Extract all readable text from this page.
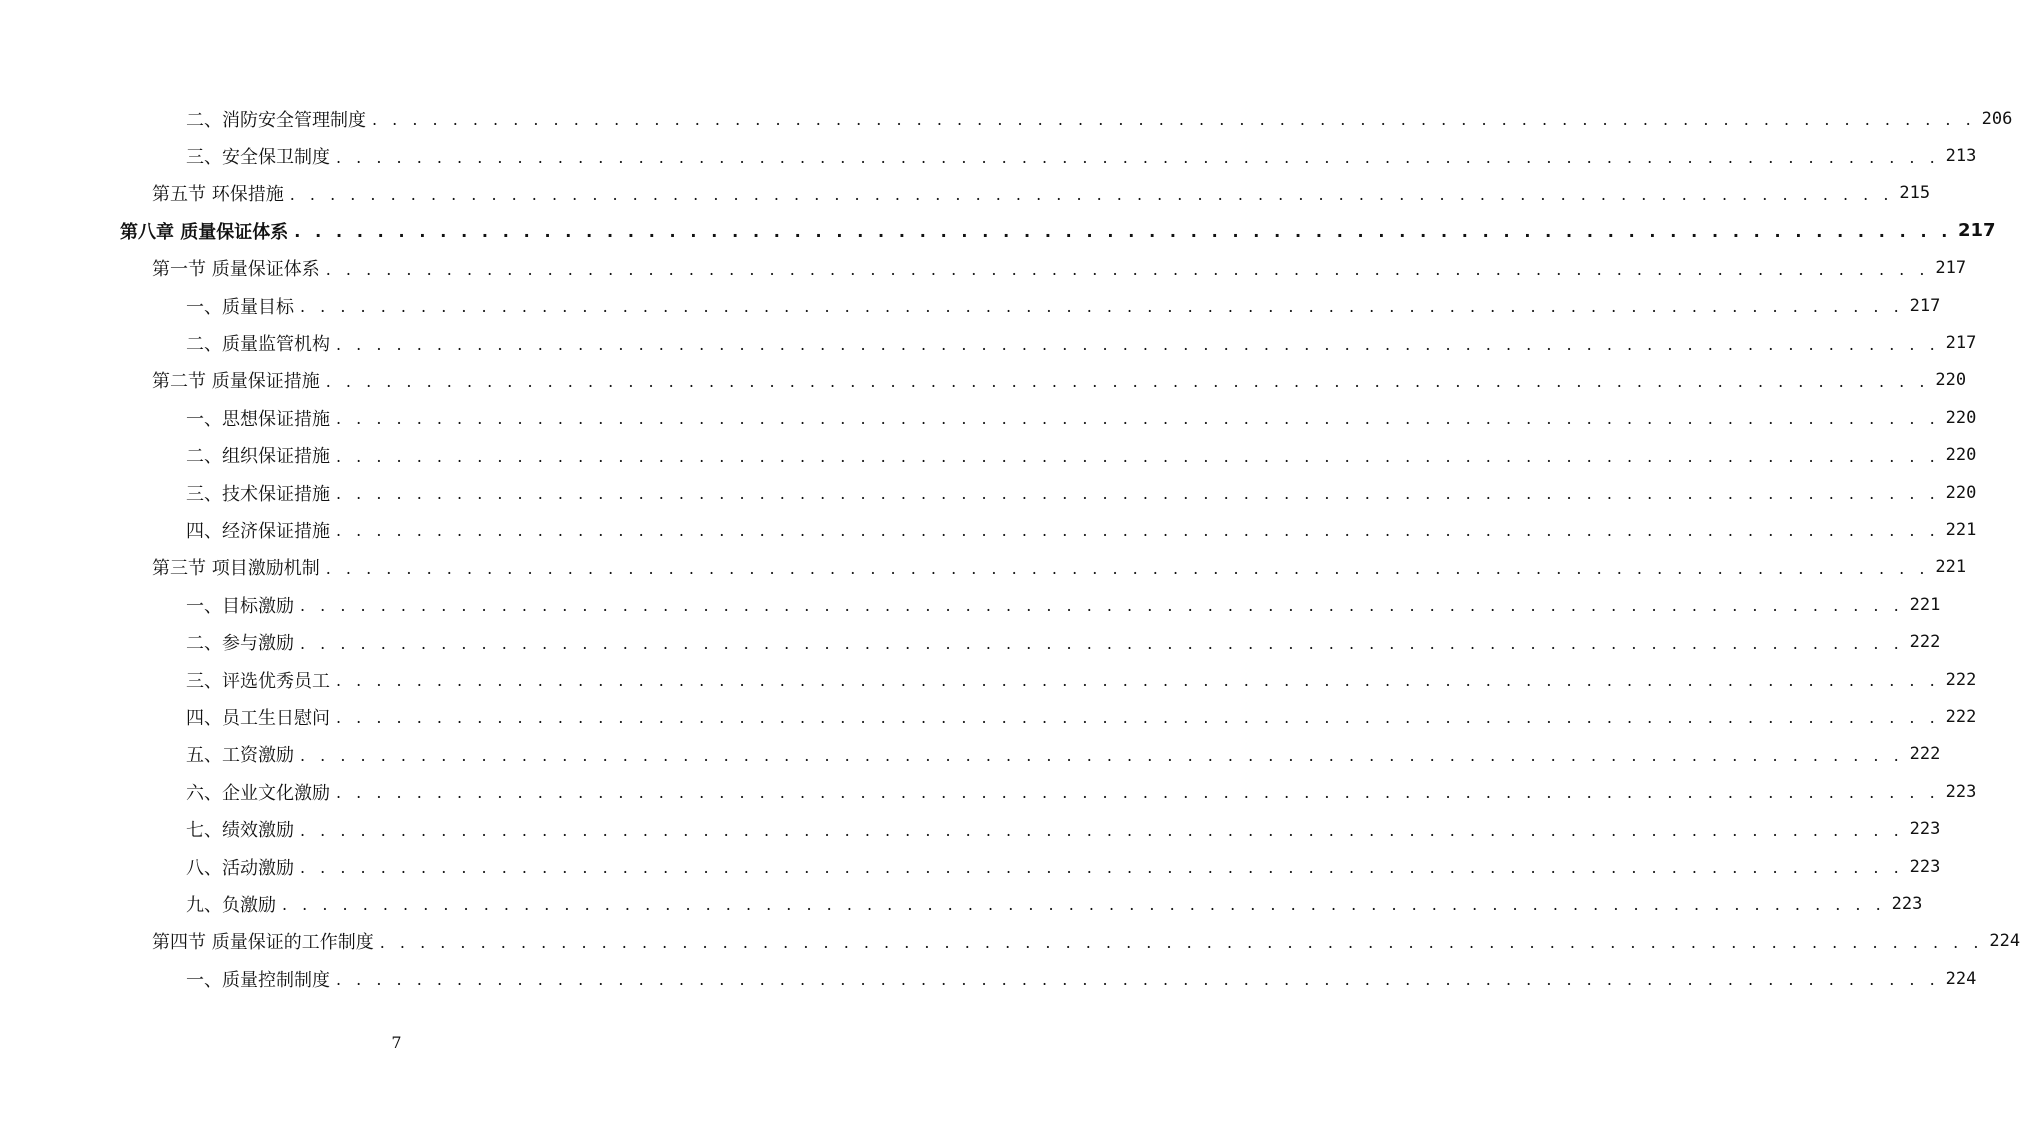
二、消防安全管理制度 . . . . . . . . . . . . . . . . . . . . . . . . . . . . . . . . . . . . . . . . . . . . . . . . . . . . . . . . . . . . . . . . . . . . . . . . . . . . . . . . 206
三、安全保卫制度 . . . . . . . . . . . . . . . . . . . . . . . . . . . . . . . . . . . . . . . . . . . . . . . . . . . . . . . . . . . . . . . . . . . . . . . . . . . . . . . . 213
第五节 环保措施 . . . . . . . . . . . . . . . . . . . . . . . . . . . . . . . . . . . . . . . . . . . . . . . . . . . . . . . . . . . . . . . . . . . . . . . . . . . . . . . . 215
第八章 质量保证体系 . . . . . . . . . . . . . . . . . . . . . . . . . . . . . . . . . . . . . . . . . . . . . . . . . . . . . . . . . . . . . . . . . . . . . . . . . . . . . . . . 217
第一节 质量保证体系 . . . . . . . . . . . . . . . . . . . . . . . . . . . . . . . . . . . . . . . . . . . . . . . . . . . . . . . . . . . . . . . . . . . . . . . . . . . . . . . . 217
一、质量目标 . . . . . . . . . . . . . . . . . . . . . . . . . . . . . . . . . . . . . . . . . . . . . . . . . . . . . . . . . . . . . . . . . . . . . . . . . . . . . . . . 217
二、质量监管机构 . . . . . . . . . . . . . . . . . . . . . . . . . . . . . . . . . . . . . . . . . . . . . . . . . . . . . . . . . . . . . . . . . . . . . . . . . . . . . . . . 217
第二节 质量保证措施 . . . . . . . . . . . . . . . . . . . . . . . . . . . . . . . . . . . . . . . . . . . . . . . . . . . . . . . . . . . . . . . . . . . . . . . . . . . . . . . . 220
一、思想保证措施 . . . . . . . . . . . . . . . . . . . . . . . . . . . . . . . . . . . . . . . . . . . . . . . . . . . . . . . . . . . . . . . . . . . . . . . . . . . . . . . . 220
二、组织保证措施 . . . . . . . . . . . . . . . . . . . . . . . . . . . . . . . . . . . . . . . . . . . . . . . . . . . . . . . . . . . . . . . . . . . . . . . . . . . . . . . . 220
三、技术保证措施 . . . . . . . . . . . . . . . . . . . . . . . . . . . . . . . . . . . . . . . . . . . . . . . . . . . . . . . . . . . . . . . . . . . . . . . . . . . . . . . . 220
四、经济保证措施 . . . . . . . . . . . . . . . . . . . . . . . . . . . . . . . . . . . . . . . . . . . . . . . . . . . . . . . . . . . . . . . . . . . . . . . . . . . . . . . . 221
第三节 项目激励机制 . . . . . . . . . . . . . . . . . . . . . . . . . . . . . . . . . . . . . . . . . . . . . . . . . . . . . . . . . . . . . . . . . . . . . . . . . . . . . . . . 221
一、目标激励 . . . . . . . . . . . . . . . . . . . . . . . . . . . . . . . . . . . . . . . . . . . . . . . . . . . . . . . . . . . . . . . . . . . . . . . . . . . . . . . . 221
二、参与激励 . . . . . . . . . . . . . . . . . . . . . . . . . . . . . . . . . . . . . . . . . . . . . . . . . . . . . . . . . . . . . . . . . . . . . . . . . . . . . . . . 222
三、评选优秀员工 . . . . . . . . . . . . . . . . . . . . . . . . . . . . . . . . . . . . . . . . . . . . . . . . . . . . . . . . . . . . . . . . . . . . . . . . . . . . . . . . 222
四、员工生日慰问 . . . . . . . . . . . . . . . . . . . . . . . . . . . . . . . . . . . . . . . . . . . . . . . . . . . . . . . . . . . . . . . . . . . . . . . . . . . . . . . . 222
五、工资激励 . . . . . . . . . . . . . . . . . . . . . . . . . . . . . . . . . . . . . . . . . . . . . . . . . . . . . . . . . . . . . . . . . . . . . . . . . . . . . . . . 222
六、企业文化激励 . . . . . . . . . . . . . . . . . . . . . . . . . . . . . . . . . . . . . . . . . . . . . . . . . . . . . . . . . . . . . . . . . . . . . . . . . . . . . . . . 223
七、绩效激励 . . . . . . . . . . . . . . . . . . . . . . . . . . . . . . . . . . . . . . . . . . . . . . . . . . . . . . . . . . . . . . . . . . . . . . . . . . . . . . . . 223
八、活动激励 . . . . . . . . . . . . . . . . . . . . . . . . . . . . . . . . . . . . . . . . . . . . . . . . . . . . . . . . . . . . . . . . . . . . . . . . . . . . . . . . 223
九、负激励 . . . . . . . . . . . . . . . . . . . . . . . . . . . . . . . . . . . . . . . . . . . . . . . . . . . . . . . . . . . . . . . . . . . . . . . . . . . . . . . . 223
第四节 质量保证的工作制度 . . . . . . . . . . . . . . . . . . . . . . . . . . . . . . . . . . . . . . . . . . . . . . . . . . . . . . . . . . . . . . . . . . . . . . . . . . . . . . . . 224
一、质量控制制度 . . . . . . . . . . . . . . . . . . . . . . . . . . . . . . . . . . . . . . . . . . . . . . . . . . . . . . . . . . . . . . . . . . . . . . . . . . . . . . . . 224
7
